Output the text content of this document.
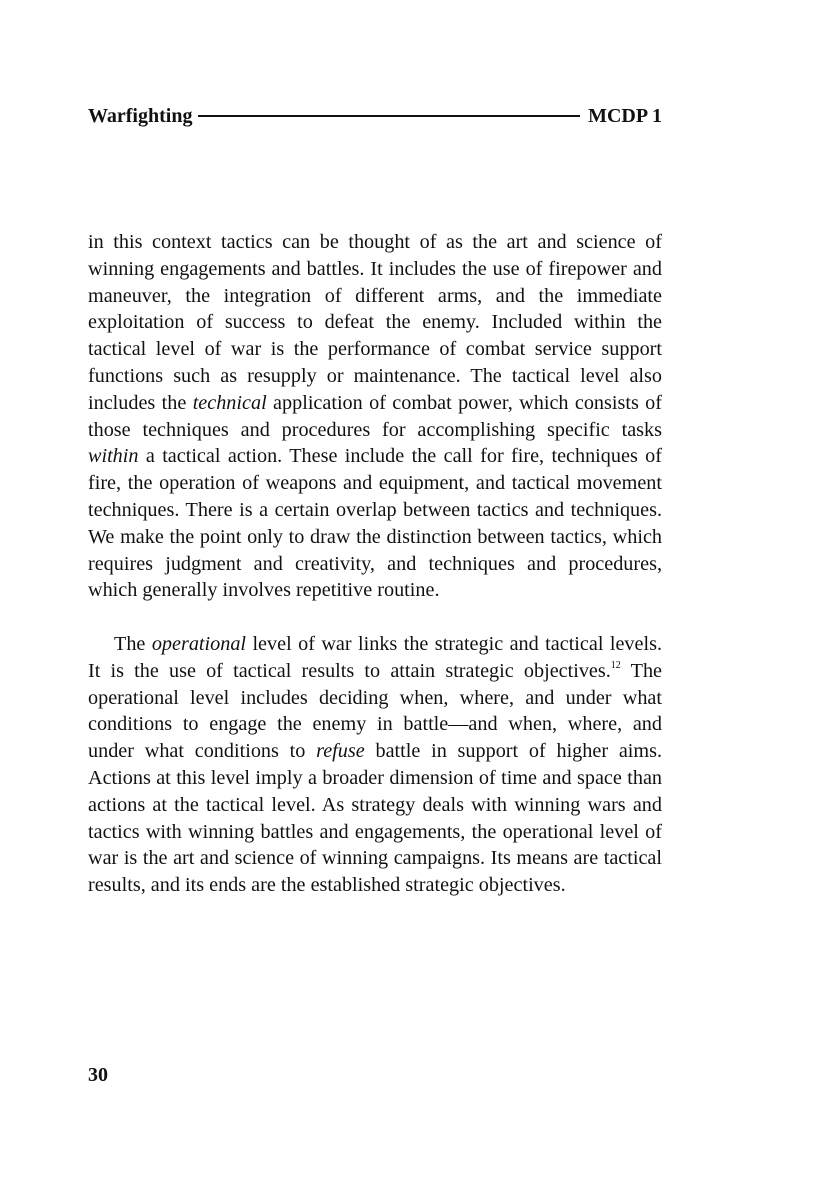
Warfighting	MCDP 1

in this context tactics can be thought of as the art and science of winning engagements and battles. It includes the use of firepower and maneuver, the integration of different arms, and the immediate exploitation of success to defeat the enemy. Included within the tactical level of war is the performance of combat service support functions such as resupply or maintenance. The tactical level also includes the technical application of combat power, which consists of those techniques and procedures for accomplishing specific tasks within a tactical action. These include the call for fire, techniques of fire, the operation of weapons and equipment, and tactical movement techniques. There is a certain overlap between tactics and techniques. We make the point only to draw the distinction between tactics, which requires judgment and creativity, and techniques and procedures, which generally involves repetitive routine.

The operational level of war links the strategic and tactical levels. It is the use of tactical results to attain strategic objectives.$^{12}$ The operational level includes deciding when, where, and under what conditions to engage the enemy in battle—and when, where, and under what conditions to refuse battle in support of higher aims. Actions at this level imply a broader dimension of time and space than actions at the tactical level. As strategy deals with winning wars and tactics with winning battles and engagements, the operational level of war is the art and science of winning campaigns. Its means are tactical results, and its ends are the established strategic objectives.

30
